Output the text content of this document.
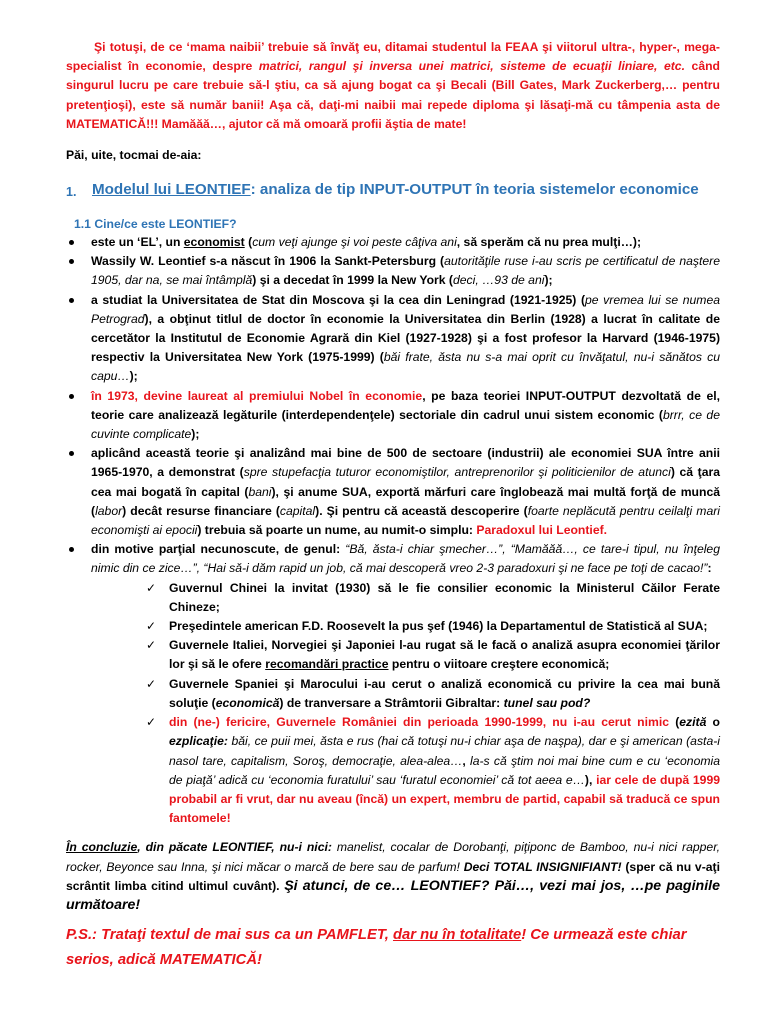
Şi totuşi, de ce ‘mama naibii’ trebuie să învăţ eu, ditamai studentul la FEAA şi viitorul ultra-, hyper-, mega-specialist în economie, despre matrici, rangul şi inversa unei matrici, sisteme de ecuaţii liniare, etc. când singurul lucru pe care trebuie să-l ştiu, ca să ajung bogat ca şi Becali (Bill Gates, Mark Zuckerberg,… pentru pretenţioşi), este să număr banii! Aşa că, daţi-mi naibii mai repede diploma şi lăsaţi-mă cu tâmpenia asta de MATEMATICĂ!!! Mamăăă…, ajutor că mă omoară profii ăştia de mate!

Păi, uite, tocmai de-aia:

1.	Modelul lui LEONTIEF: analiza de tip INPUT-OUTPUT în teoria sistemelor economice

1.1 Cine/ce este LEONTIEF?

este un ‘EL’, un economist (cum veţi ajunge şi voi peste câţiva ani, să sperăm că nu prea mulţi…);
Wassily W. Leontief s-a născut în 1906 la Sankt-Petersburg (autorităţile ruse i-au scris pe certificatul de naştere 1905, dar na, se mai întâmplă) şi a decedat în 1999 la New York (deci, …93 de ani);
a studiat la Universitatea de Stat din Moscova şi la cea din Leningrad (1921-1925) (pe vremea lui se numea Petrograd), a obţinut titlul de doctor în economie la Universitatea din Berlin (1928) a lucrat în calitate de cercetător la Institutul de Economie Agrară din Kiel (1927-1928) şi a fost profesor la Harvard (1946-1975) respectiv la Universitatea New York (1975-1999) (băi frate, ăsta nu s-a mai oprit cu învăţatul, nu-i sănătos cu capu…);
în 1973, devine laureat al premiului Nobel în economie, pe baza teoriei INPUT-OUTPUT dezvoltată de el, teorie care analizează legăturile (interdependenţele) sectoriale din cadrul unui sistem economic (brrr, ce de cuvinte complicate);
aplicând această teorie şi analizând mai bine de 500 de sectoare (industrii) ale economiei SUA între anii 1965-1970, a demonstrat (spre stupefacţia tuturor economiştilor, antreprenorilor şi politicienilor de atunci) că ţara cea mai bogată în capital (bani), şi anume SUA, exportă mărfuri care înglobează mai multă forţă de muncă (labor) decât resurse financiare (capital). Şi pentru că această descoperire (foarte neplăcută pentru ceilalţi mari economişti ai epocii) trebuia să poarte un nume, au numit-o simplu: Paradoxul lui Leontief.
din motive parţial necunoscute, de genul: “Bă, ăsta-i chiar şmecher…”, “Mamăăă…, ce tare-i tipul, nu înţeleg nimic din ce zice…”, “Hai să-i dăm rapid un job, că mai descoperă vreo 2-3 paradoxuri şi ne face pe toţi de cacao!”:
✓ Guvernul Chinei la invitat (1930) să le fie consilier economic la Ministerul Căilor Ferate Chineze;
✓ Preşedintele american F.D. Roosevelt la pus şef (1946) la Departamentul de Statistică al SUA;
✓ Guvernele Italiei, Norvegiei şi Japoniei l-au rugat să le facă o analiză asupra economiei ţărilor lor şi să le ofere recomandări practice pentru o viitoare creştere economică;
✓ Guvernele Spaniei şi Marocului i-au cerut o analiză economică cu privire la cea mai bună soluţie (economică) de tranversare a Strâmtorii Gibraltar: tunel sau pod?
✓ din (ne-) fericire, Guvernele României din perioada 1990-1999, nu i-au cerut nimic (ezită o ezplicaţie: băi, ce puii mei, ăsta e rus (hai că totuşi nu-i chiar aşa de naşpa), dar e şi american (asta-i nasol tare, capitalism, Soroş, democraţie, alea-alea…, la-s că ştim noi mai bine cum e cu ‘economia de piaţă’ adică cu ‘economia furatului’ sau ‘furatul economiei’ că tot aeea e…), iar cele de după 1999 probabil ar fi vrut, dar nu aveau (încă) un expert, membru de partid, capabil să traducă ce spun fantomele!

În concluzie, din păcate LEONTIEF, nu-i nici: manelist, cocalar de Dorobanţi, piţiponc de Bamboo, nu-i nici rapper, rocker, Beyonce sau Inna, şi nici măcar o marcă de bere sau de parfum! Deci TOTAL INSIGNIFIANT! (sper că nu v-aţi scrântit limba citind ultimul cuvânt). Şi atunci, de ce… LEONTIEF? Păi…, vezi mai jos, …pe paginile următoare!

P.S.: Trataţi textul de mai sus ca un PAMFLET, dar nu în totalitate! Ce urmează este chiar serios, adică MATEMATICĂ!
